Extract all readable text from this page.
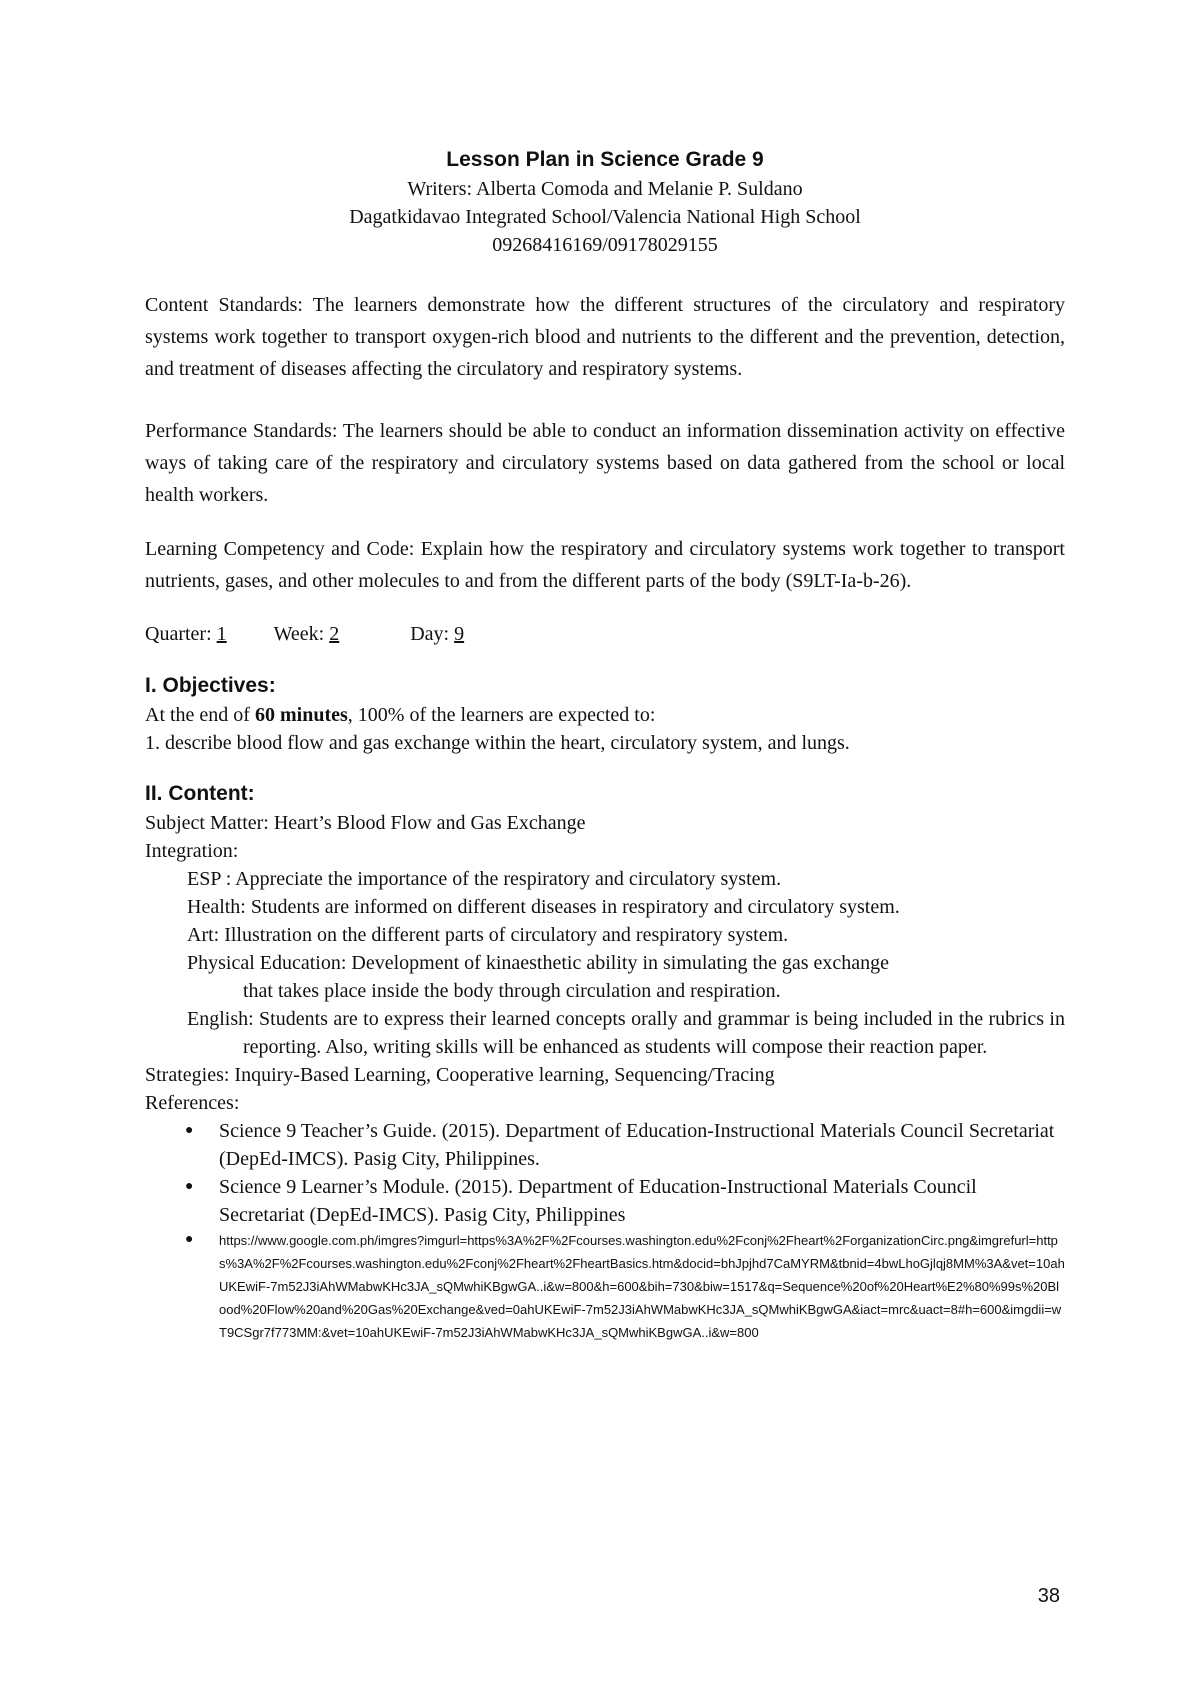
Lesson Plan in Science Grade 9
Writers: Alberta Comoda and Melanie P. Suldano
Dagatkidavao Integrated School/Valencia National High School
09268416169/09178029155

Content Standards: The learners demonstrate how the different structures of the circulatory and respiratory systems work together to transport oxygen-rich blood and nutrients to the different and the prevention, detection, and treatment of diseases affecting the circulatory and respiratory systems.

Performance Standards: The learners should be able to conduct an information dissemination activity on effective ways of taking care of the respiratory and circulatory systems based on data gathered from the school or local health workers.

Learning Competency and Code: Explain how the respiratory and circulatory systems work together to transport nutrients, gases, and other molecules to and from the different parts of the body (S9LT-Ia-b-26).

Quarter: 1 Week: 2	Day: 9
I. Objectives:
At the end of 60 minutes, 100% of the learners are expected to:
1. describe blood flow and gas exchange within the heart, circulatory system, and lungs.
II. Content:
Subject Matter: Heart’s Blood Flow and Gas Exchange
Integration:
ESP : Appreciate the importance of the respiratory and circulatory system.
Health: Students are informed on different diseases in respiratory and circulatory system.
Art: Illustration on the different parts of circulatory and respiratory system.
Physical Education: Development of kinaesthetic ability in simulating the gas exchange
that takes place inside the body through circulation and respiration.
English: Students are to express their learned concepts orally and grammar is being included in the rubrics in reporting. Also, writing skills will be enhanced as students will compose their reaction paper.
Strategies: Inquiry-Based Learning, Cooperative learning, Sequencing/Tracing
References:
● Science 9 Teacher’s Guide. (2015). Department of Education-Instructional Materials Council Secretariat (DepEd-IMCS). Pasig City, Philippines.
● Science 9 Learner’s Module. (2015). Department of Education-Instructional Materials Council Secretariat (DepEd-IMCS). Pasig City, Philippines
● https://www.google.com.ph/imgres?imgurl=https%3A%2F%2Fcourses.washington.edu%2Fconj%2Fheart%2ForganizationCirc.png&imgrefurl=https%3A%2F%2Fcourses.washington.edu%2Fconj%2Fheart%2FheartBasics.htm&docid=bhJpjhd7CaMYRM&tbnid=4bwLhoGjlqj8MM%3A&vet=10ahUKEwiF-7m52J3iAhWMabwKHc3JA_sQMwhiKBgwGA..i&w=800&h=600&bih=730&biw=1517&q=Sequence%20of%20Heart%E2%80%99s%20Blood%20Flow%20and%20Gas%20Exchange&ved=0ahUKEwiF-7m52J3iAhWMabwKHc3JA_sQMwhiKBgwGA&iact=mrc&uact=8#h=600&imgdii=wT9CSgr7f773MM:&vet=10ahUKEwiF-7m52J3iAhWMabwKHc3JA_sQMwhiKBgwGA..i&w=800
38
